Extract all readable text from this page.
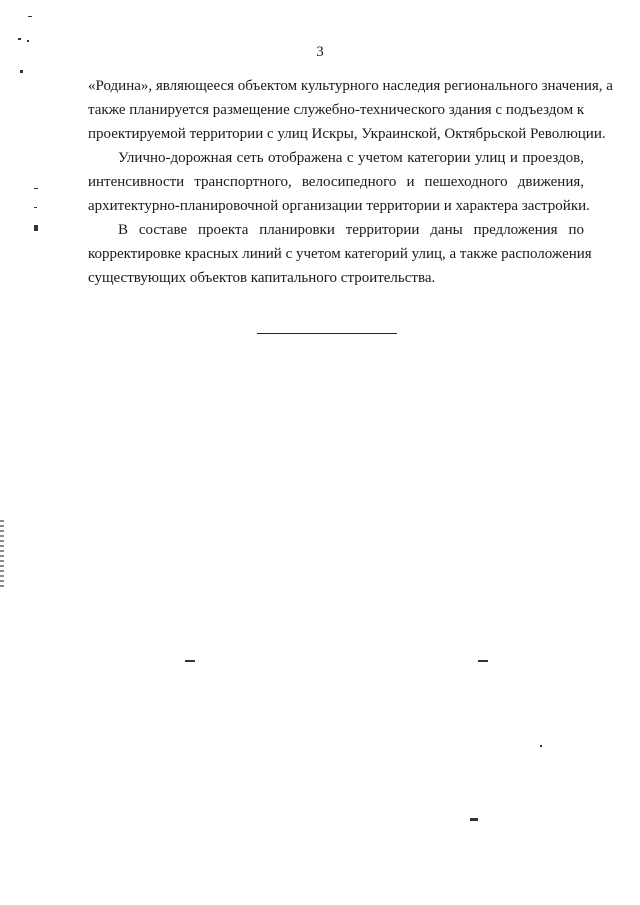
3
«Родина», являющееся объектом культурного наследия регионального значения, а
также планируется размещение служебно-технического здания с подъездом к
проектируемой территории с улиц Искры, Украинской, Октябрьской Революции.
Улично-дорожная сеть отображена с учетом категории улиц и проездов,
интенсивности транспортного, велосипедного и пешеходного движения,
архитектурно-планировочной организации территории и характера застройки.
В составе проекта планировки территории даны предложения по
корректировке красных линий с учетом категорий улиц, а также расположения
существующих объектов капитального строительства.
